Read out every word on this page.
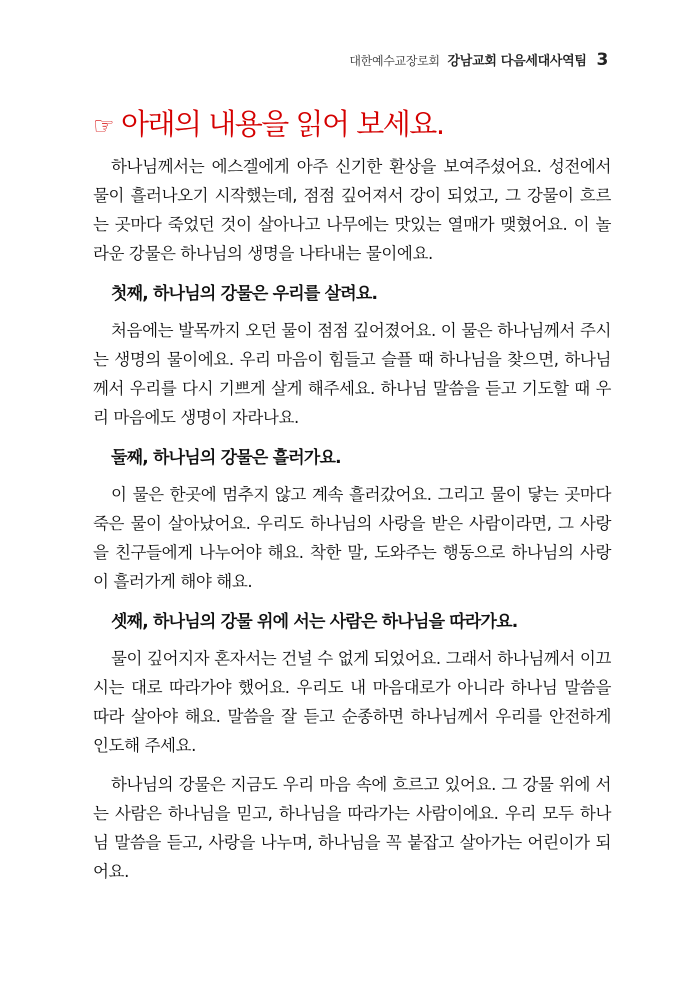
대한예수교장로회 강남교회 다음세대사역팀 3
☞ 아래의 내용을 읽어 보세요.

하나님께서는 에스겔에게 아주 신기한 환상을 보여주셨어요. 성전에서 물이 흘러나오기 시작했는데, 점점 깊어져서 강이 되었고, 그 강물이 흐르는 곳마다 죽었던 것이 살아나고 나무에는 맛있는 열매가 맺혔어요. 이 놀라운 강물은 하나님의 생명을 나타내는 물이에요.

첫째, 하나님의 강물은 우리를 살려요.

처음에는 발목까지 오던 물이 점점 깊어졌어요. 이 물은 하나님께서 주시는 생명의 물이에요. 우리 마음이 힘들고 슬플 때 하나님을 찾으면, 하나님께서 우리를 다시 기쁘게 살게 해주세요. 하나님 말씀을 듣고 기도할 때 우리 마음에도 생명이 자라나요.

둘째, 하나님의 강물은 흘러가요.

이 물은 한곳에 멈추지 않고 계속 흘러갔어요. 그리고 물이 닿는 곳마다 죽은 물이 살아났어요. 우리도 하나님의 사랑을 받은 사람이라면, 그 사랑을 친구들에게 나누어야 해요. 착한 말, 도와주는 행동으로 하나님의 사랑이 흘러가게 해야 해요.

셋째, 하나님의 강물 위에 서는 사람은 하나님을 따라가요.

물이 깊어지자 혼자서는 건널 수 없게 되었어요. 그래서 하나님께서 이끄시는 대로 따라가야 했어요. 우리도 내 마음대로가 아니라 하나님 말씀을 따라 살아야 해요. 말씀을 잘 듣고 순종하면 하나님께서 우리를 안전하게 인도해 주세요.

하나님의 강물은 지금도 우리 마음 속에 흐르고 있어요. 그 강물 위에 서는 사람은 하나님을 믿고, 하나님을 따라가는 사람이에요. 우리 모두 하나님 말씀을 듣고, 사랑을 나누며, 하나님을 꼭 붙잡고 살아가는 어린이가 되어요.
